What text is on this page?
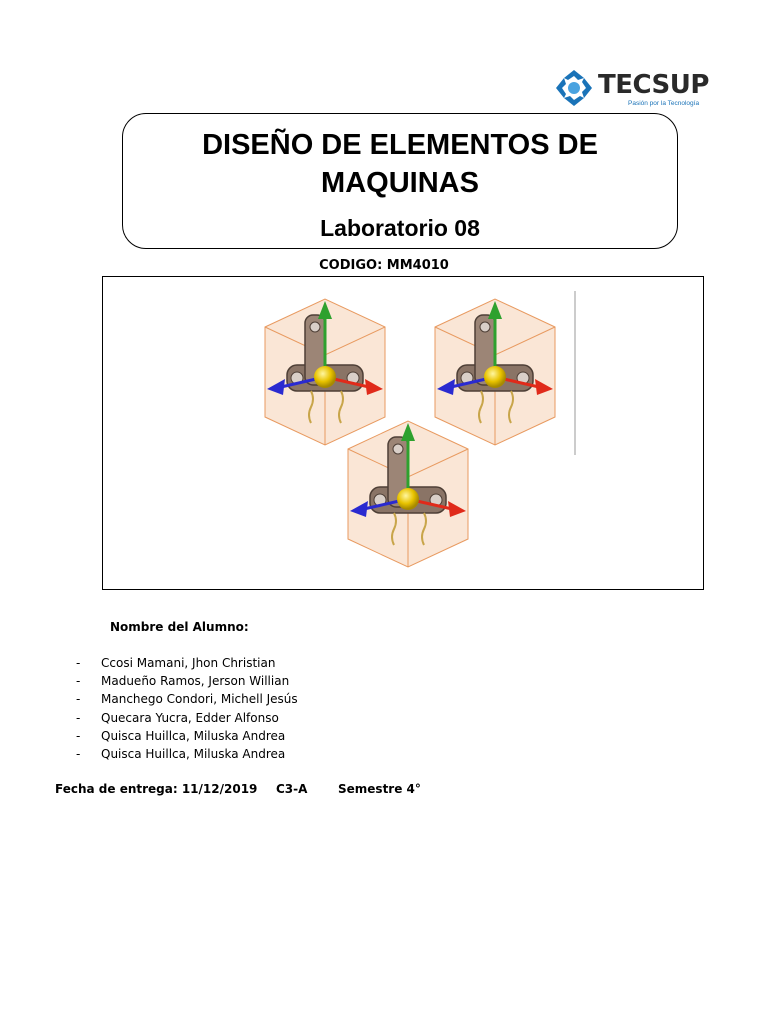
TECSUP
Pasión por la Tecnología
DISEÑO DE ELEMENTOS DE
MAQUINAS
Laboratorio 08
CODIGO: MM4010
Nombre del Alumno:
- Ccosi Mamani, Jhon Christian
- Madueño Ramos, Jerson Willian
- Manchego Condori, Michell Jesús
- Quecara Yucra, Edder Alfonso
- Quisca Huillca, Miluska Andrea
- Quisca Huillca, Miluska Andrea
Fecha de entrega: 11/12/2019 C3-A	Semestre 4°
